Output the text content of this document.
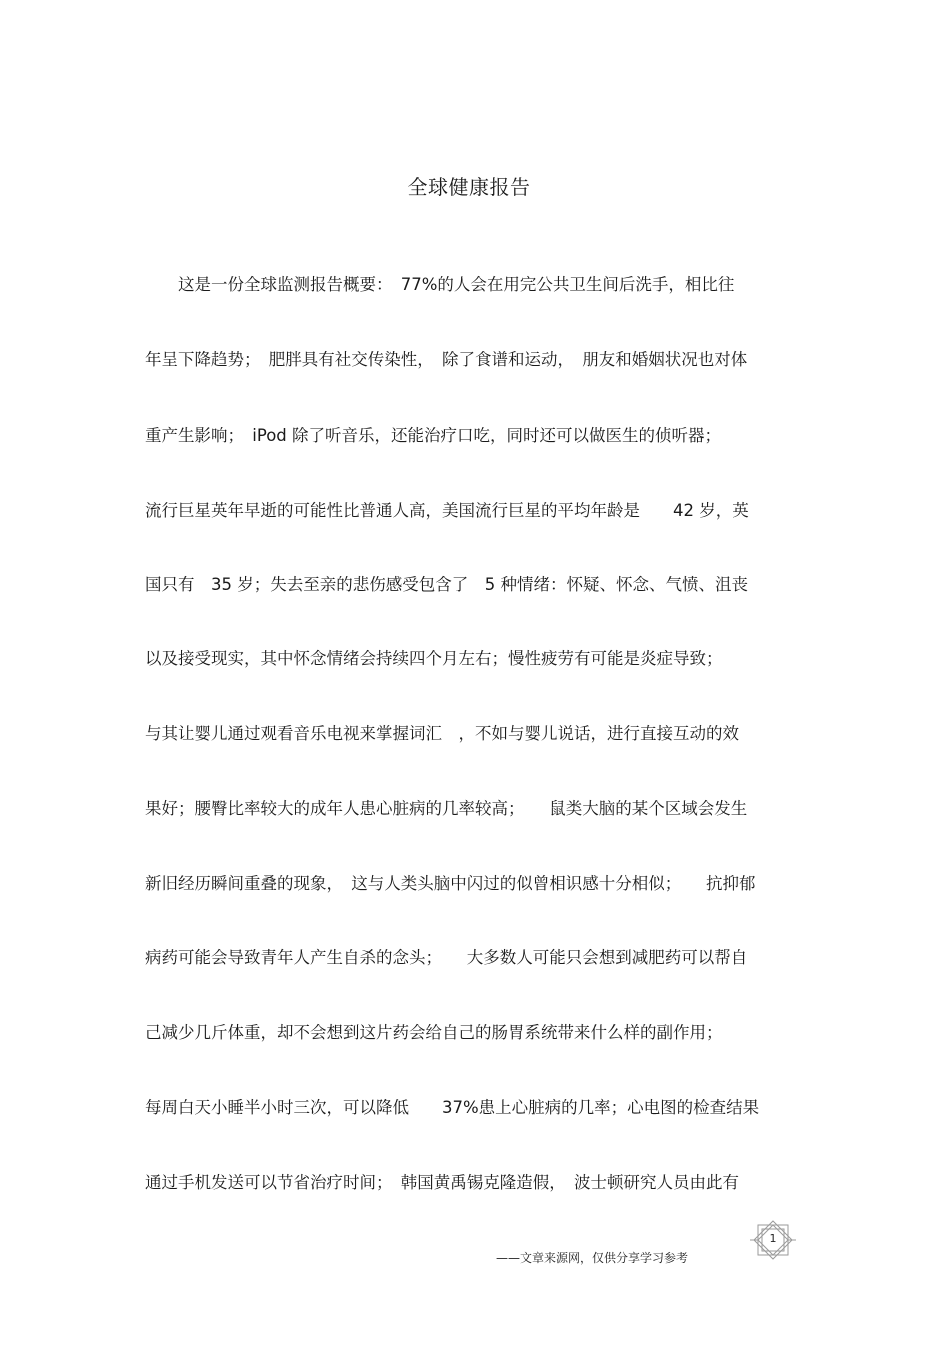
全球健康报告
　　这是一份全球监测报告概要：　77%的人会在用完公共卫生间后洗手，相比往
年呈下降趋势；　肥胖具有社交传染性，　除了食谱和运动，　朋友和婚姻状况也对体
重产生影响；　iPod 除了听音乐，还能治疗口吃，同时还可以做医生的侦听器；
流行巨星英年早逝的可能性比普通人高，美国流行巨星的平均年龄是　　42 岁，英
国只有　35 岁；失去至亲的悲伤感受包含了　5 种情绪：怀疑、怀念、气愤、沮丧
以及接受现实，其中怀念情绪会持续四个月左右；慢性疲劳有可能是炎症导致；
与其让婴儿通过观看音乐电视来掌握词汇　，不如与婴儿说话，进行直接互动的效
果好；腰臀比率较大的成年人患心脏病的几率较高；　　鼠类大脑的某个区域会发生
新旧经历瞬间重叠的现象，　这与人类头脑中闪过的似曾相识感十分相似；　　抗抑郁
病药可能会导致青年人产生自杀的念头；　　大多数人可能只会想到减肥药可以帮自
己减少几斤体重，却不会想到这片药会给自己的肠胃系统带来什么样的副作用；
每周白天小睡半小时三次，可以降低　　37%患上心脏病的几率；心电图的检查结果
通过手机发送可以节省治疗时间；　韩国黄禹锡克隆造假，　波士顿研究人员由此有
1
——文章来源网，仅供分享学习参考
